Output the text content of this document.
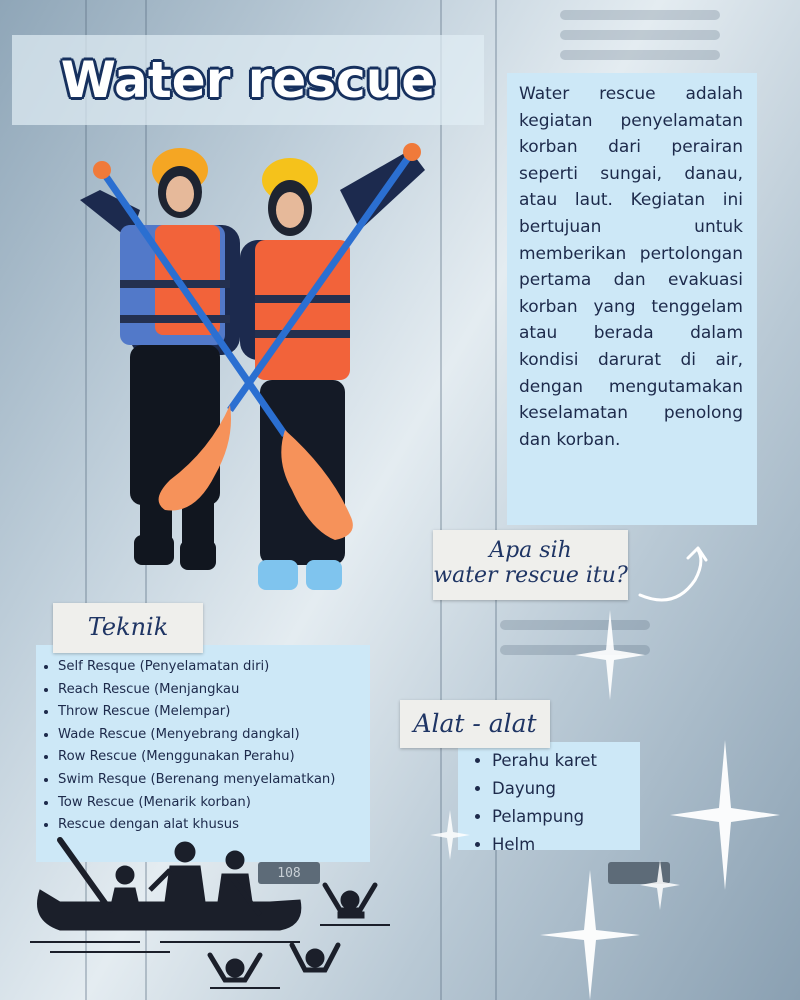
108
Water rescue	Water rescue adalah kegiatan penyelamatan korban dari perairan seperti sungai, danau, atau laut. Kegiatan ini bertujuan untuk memberikan pertolongan pertama dan evakuasi korban yang tenggelam atau berada dalam kondisi darurat di air, dengan mengutamakan keselamatan penolong dan korban.

Apa sih
water rescue itu?
• Self Resque (Penyelamatan diri)
• Reach Rescue (Menjangkau
• Throw Rescue (Melempar)
• Wade Rescue (Menyebrang dangkal)
• Row Rescue (Menggunakan Perahu)
• Swim Resque (Berenang menyelamatkan)
• Tow Rescue (Menarik korban)
• Rescue dengan alat khusus
Teknik
• Perahu karet
• Dayung
• Pelampung
• Helm
Alat - alat
